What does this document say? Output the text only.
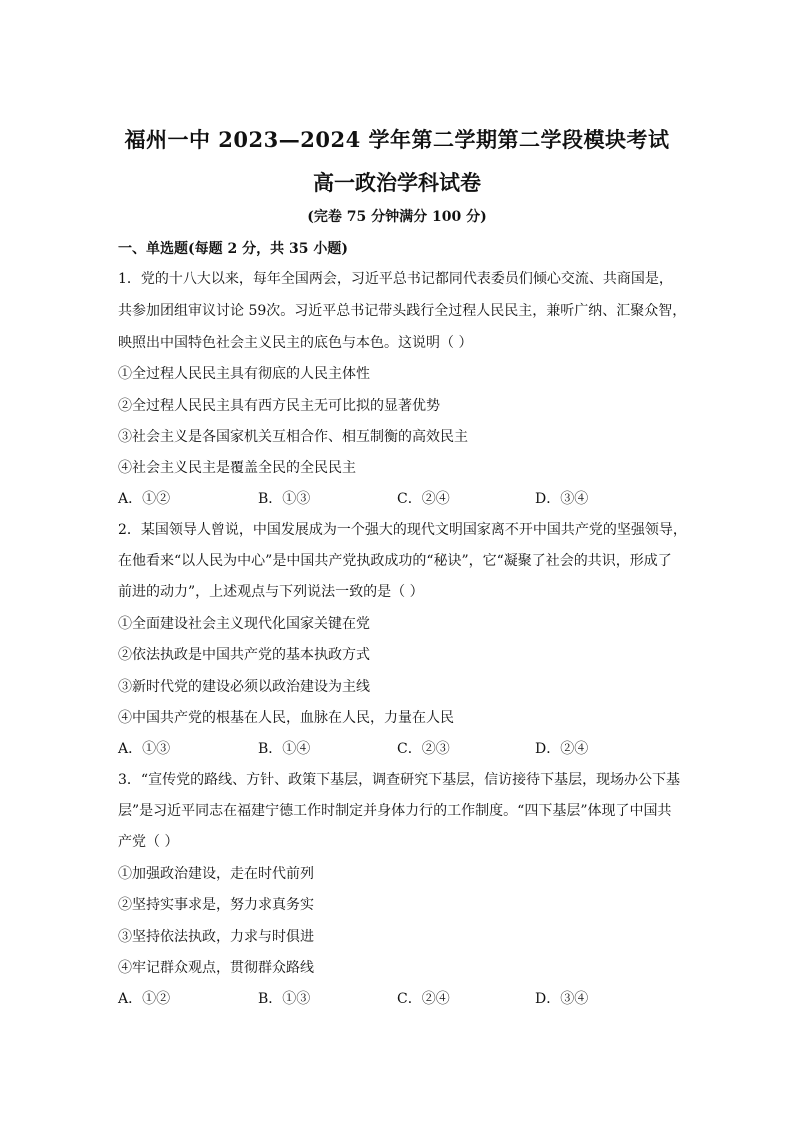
福州一中 2023—2024 学年第二学期第二学段模块考试
高一政治学科试卷
(完卷 75 分钟满分 100 分)
一、单选题(每题 2 分，共 35 小题)
1．党的十八大以来，每年全国两会，习近平总书记都同代表委员们倾心交流、共商国是，
共参加团组审议讨论 59次。习近平总书记带头践行全过程人民民主，兼听广纳、汇聚众智，
映照出中国特色社会主义民主的底色与本色。这说明（ ）
①全过程人民民主具有彻底的人民主体性
②全过程人民民主具有西方民主无可比拟的显著优势
③社会主义是各国家机关互相合作、相互制衡的高效民主
④社会主义民主是覆盖全民的全民民主
A．①②	B．①③	C．②④	D．③④
2．某国领导人曾说，中国发展成为一个强大的现代文明国家离不开中国共产党的坚强领导，
在他看来“以人民为中心”是中国共产党执政成功的“秘诀”，它“凝聚了社会的共识，形成了
前进的动力”，上述观点与下列说法一致的是（ ）
①全面建设社会主义现代化国家关键在党
②依法执政是中国共产党的基本执政方式
③新时代党的建设必须以政治建设为主线
④中国共产党的根基在人民，血脉在人民，力量在人民
A．①③	B．①④	C．②③	D．②④
3．“宣传党的路线、方针、政策下基层，调查研究下基层，信访接待下基层，现场办公下基
层”是习近平同志在福建宁德工作时制定并身体力行的工作制度。“四下基层”体现了中国共
产党（ ）
①加强政治建设，走在时代前列
②坚持实事求是，努力求真务实
③坚持依法执政，力求与时俱进
④牢记群众观点，贯彻群众路线
A．①②	B．①③	C．②④	D．③④
